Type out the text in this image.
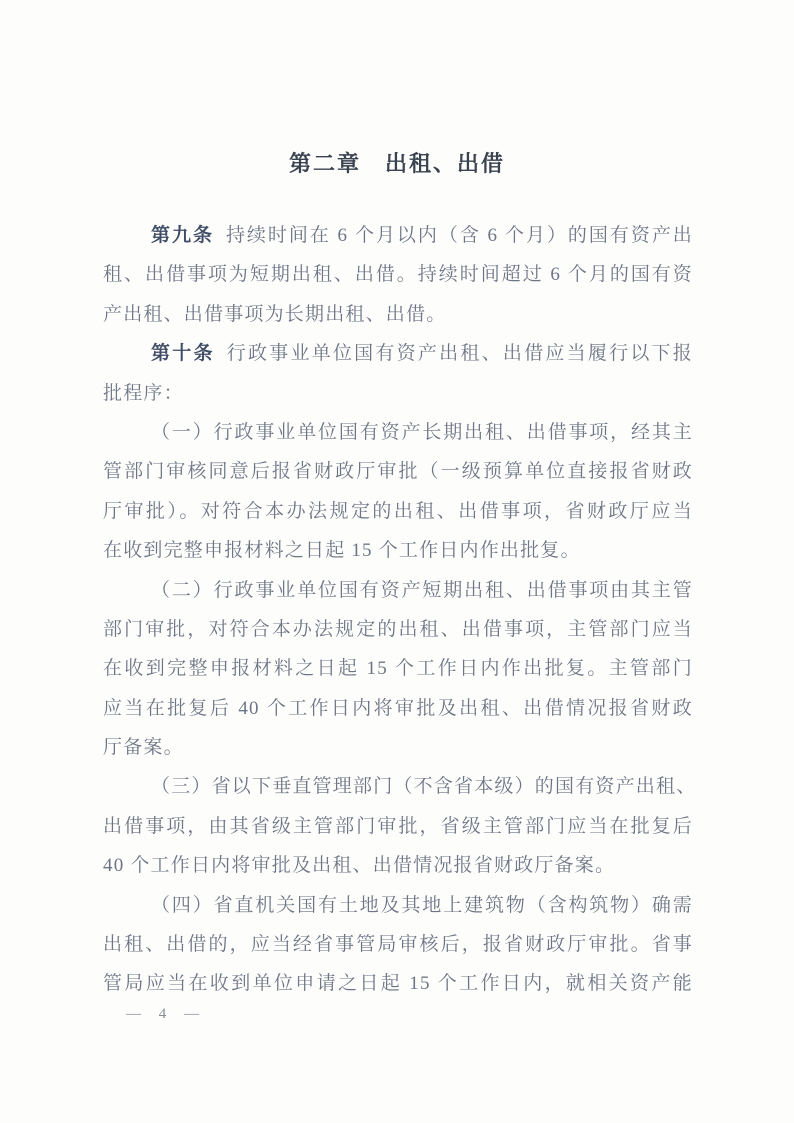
第二章　出租、出借
第九条 持续时间在 6 个月以内（含 6 个月）的国有资产出
租、出借事项为短期出租、出借。持续时间超过 6 个月的国有资
产出租、出借事项为长期出租、出借。
第十条 行政事业单位国有资产出租、出借应当履行以下报
批程序：
（一）行政事业单位国有资产长期出租、出借事项，经其主
管部门审核同意后报省财政厅审批（一级预算单位直接报省财政
厅审批）。对符合本办法规定的出租、出借事项，省财政厅应当
在收到完整申报材料之日起 15 个工作日内作出批复。
（二）行政事业单位国有资产短期出租、出借事项由其主管
部门审批，对符合本办法规定的出租、出借事项，主管部门应当
在收到完整申报材料之日起 15 个工作日内作出批复。主管部门
应当在批复后 40 个工作日内将审批及出租、出借情况报省财政
厅备案。
（三）省以下垂直管理部门（不含省本级）的国有资产出租、
出借事项，由其省级主管部门审批，省级主管部门应当在批复后
40 个工作日内将审批及出租、出借情况报省财政厅备案。
（四）省直机关国有土地及其地上建筑物（含构筑物）确需
出租、出借的，应当经省事管局审核后，报省财政厅审批。省事
管局应当在收到单位申请之日起 15 个工作日内，就相关资产能
— 4 —
